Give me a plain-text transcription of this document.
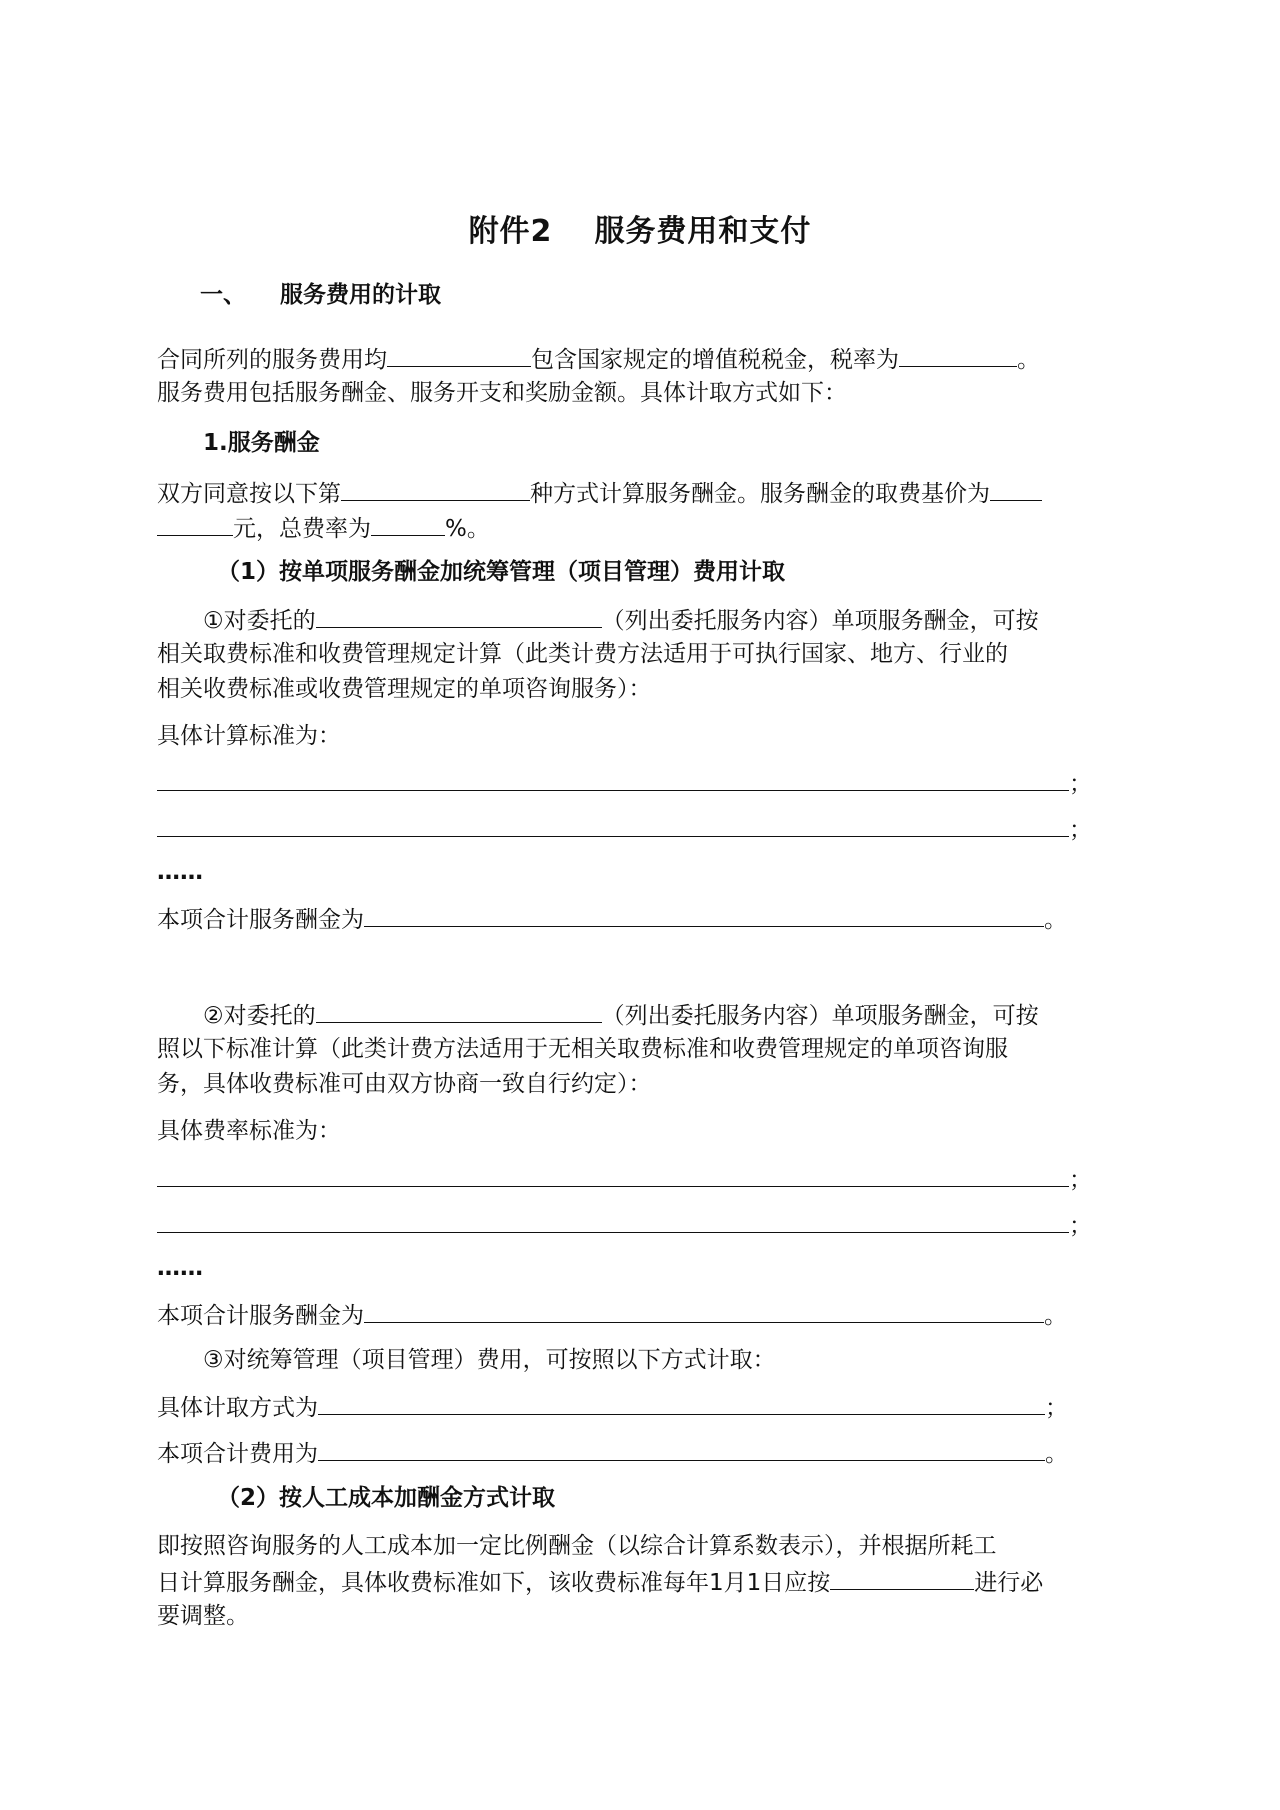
附件2 服务费用和支付
一、 服务费用的计取
合同所列的服务费用均	包含国家规定的增值税税金，税率为	。
服务费用包括服务酬金、服务开支和奖励金额。具体计取方式如下：
1.服务酬金
双方同意按以下第	种方式计算服务酬金。服务酬金的取费基价为
元，总费率为	%。
（1）按单项服务酬金加统筹管理（项目管理）费用计取
①对委托的	（列出委托服务内容）单项服务酬金，可按
相关取费标准和收费管理规定计算（此类计费方法适用于可执行国家、地方、行业的
相关收费标准或收费管理规定的单项咨询服务）：
具体计算标准为：
；
；
……
本项合计服务酬金为	。
②对委托的	（列出委托服务内容）单项服务酬金，可按
照以下标准计算（此类计费方法适用于无相关取费标准和收费管理规定的单项咨询服
务，具体收费标准可由双方协商一致自行约定）：
具体费率标准为：
；
；
……
本项合计服务酬金为	。
③对统筹管理（项目管理）费用，可按照以下方式计取：
具体计取方式为	；
本项合计费用为	。
（2）按人工成本加酬金方式计取
即按照咨询服务的人工成本加一定比例酬金（以综合计算系数表示），并根据所耗工
日计算服务酬金，具体收费标准如下，该收费标准每年1月1日应按	进行必
要调整。
